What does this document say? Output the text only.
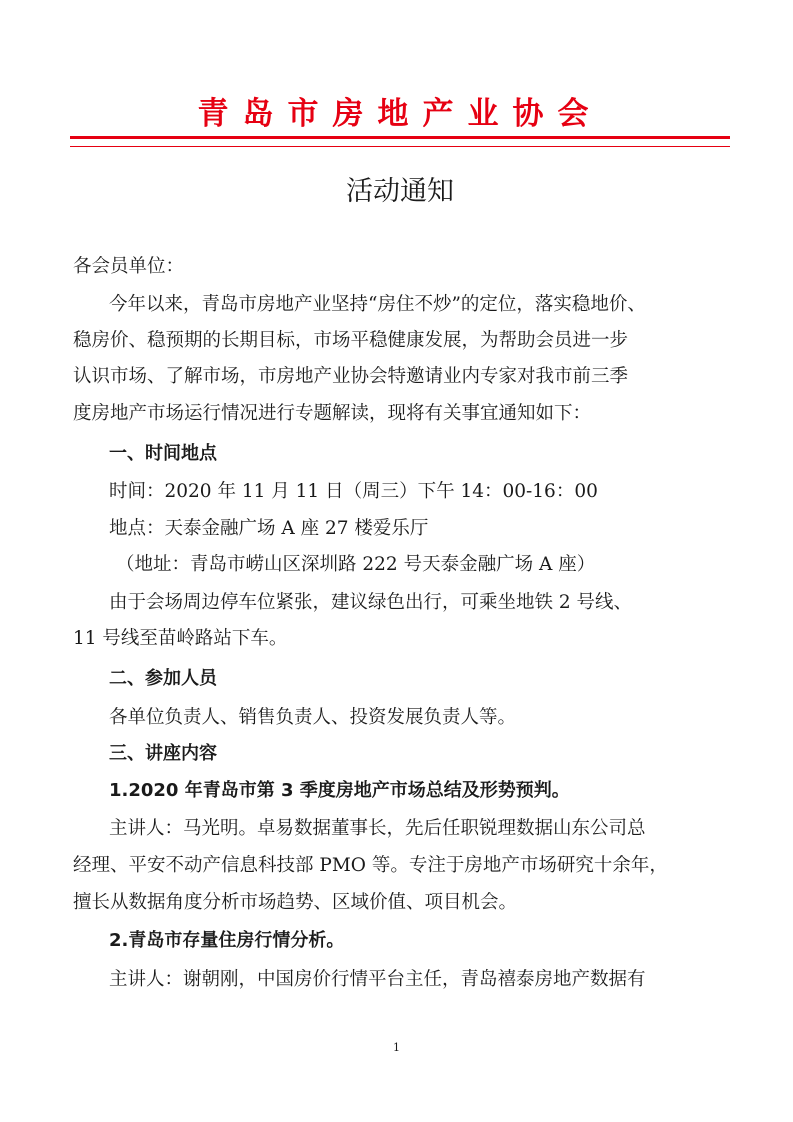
青岛市房地产业协会
活动通知
各会员单位：
今年以来，青岛市房地产业坚持“房住不炒”的定位，落实稳地价、
稳房价、稳预期的长期目标，市场平稳健康发展，为帮助会员进一步
认识市场、了解市场，市房地产业协会特邀请业内专家对我市前三季
度房地产市场运行情况进行专题解读，现将有关事宜通知如下：
一、时间地点
时间：2020 年 11 月 11 日（周三）下午 14：00-16：00
地点：天泰金融广场 A 座 27 楼爱乐厅
（地址：青岛市崂山区深圳路 222 号天泰金融广场 A 座）
由于会场周边停车位紧张，建议绿色出行，可乘坐地铁 2 号线、
11 号线至苗岭路站下车。
二、参加人员
各单位负责人、销售负责人、投资发展负责人等。
三、讲座内容
1.2020 年青岛市第 3 季度房地产市场总结及形势预判。
主讲人：马光明。卓易数据董事长，先后任职锐理数据山东公司总
经理、平安不动产信息科技部 PMO 等。专注于房地产市场研究十余年，
擅长从数据角度分析市场趋势、区域价值、项目机会。
2.青岛市存量住房行情分析。
主讲人：谢朝刚，中国房价行情平台主任，青岛禧泰房地产数据有
1
